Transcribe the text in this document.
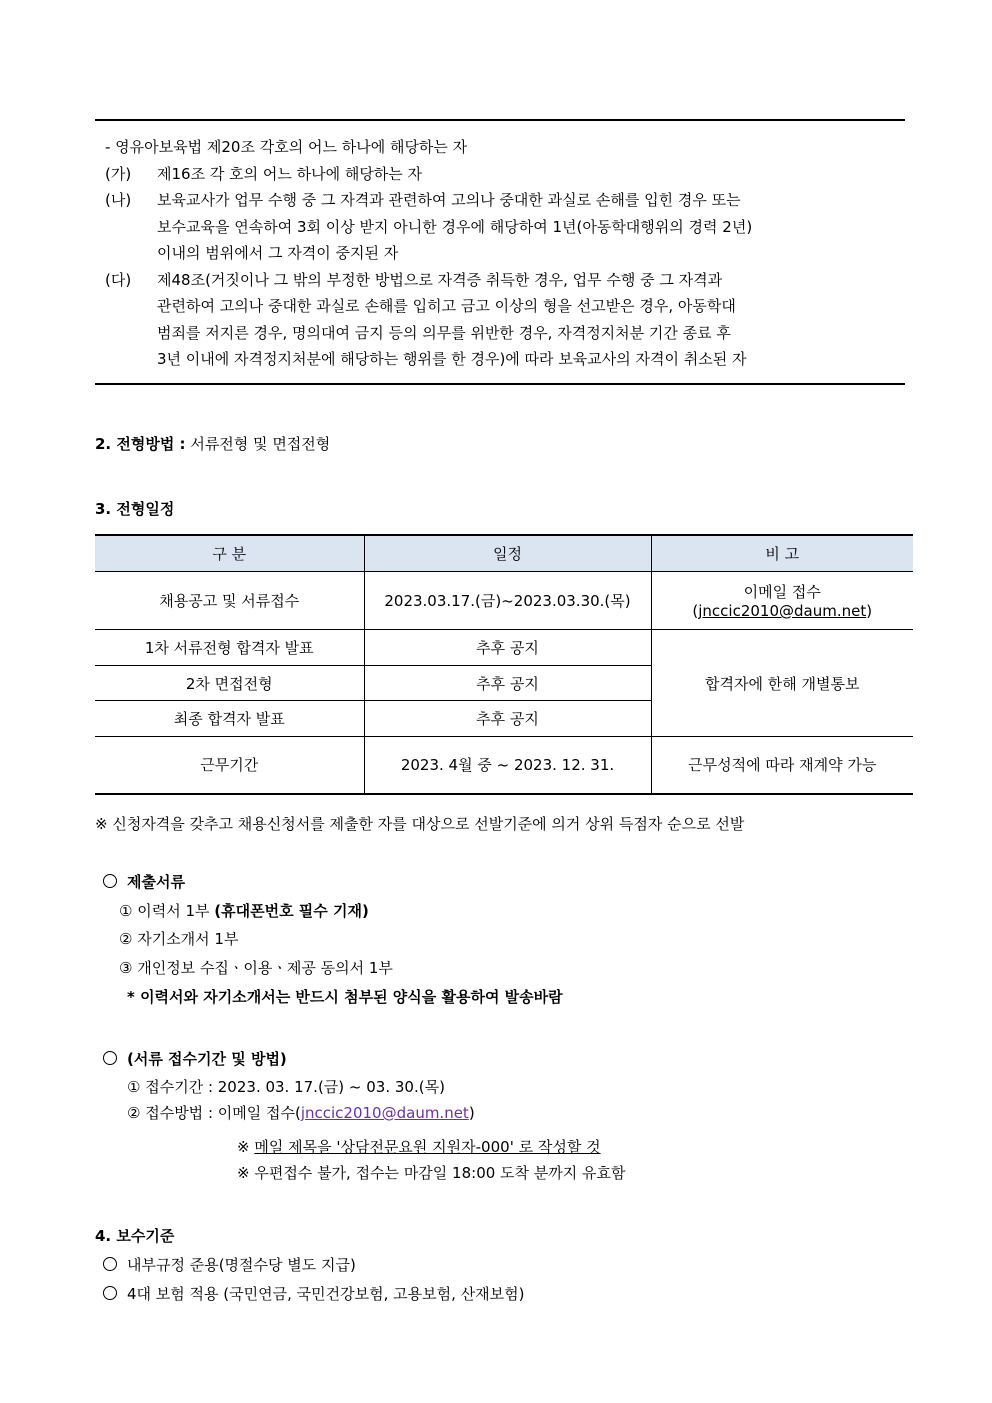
- 영유아보육법 제20조 각호의 어느 하나에 해당하는 자
(가)	제16조 각 호의 어느 하나에 해당하는 자
(나)	보육교사가 업무 수행 중 그 자격과 관련하여 고의나 중대한 과실로 손해를 입힌 경우 또는
보수교육을 연속하여 3회 이상 받지 아니한 경우에 해당하여 1년(아동학대행위의 경력 2년)
이내의 범위에서 그 자격이 중지된 자
(다)	제48조(거짓이나 그 밖의 부정한 방법으로 자격증 취득한 경우, 업무 수행 중 그 자격과
관련하여 고의나 중대한 과실로 손해를 입히고 금고 이상의 형을 선고받은 경우, 아동학대
범죄를 저지른 경우, 명의대여 금지 등의 의무를 위반한 경우, 자격정지처분 기간 종료 후
3년 이내에 자격정지처분에 해당하는 행위를 한 경우)에 따라 보육교사의 자격이 취소된 자
2. 전형방법 : 서류전형 및 면접전형
3. 전형일정
구 분	일정	비 고
채용공고 및 서류접수	2023.03.17.(금)~2023.03.30.(목)	이메일 접수
(jnccic2010@daum.net)

1차 서류전형 합격자 발표	추후 공지	합격자에 한해 개별통보
2차 면접전형	추후 공지	
최종 합격자 발표	추후 공지	
근무기간	2023. 4월 중 ~ 2023. 12. 31.	근무성적에 따라 재계약 가능
※ 신청자격을 갖추고 채용신청서를 제출한 자를 대상으로 선발기준에 의거 상위 득점자 순으로 선발
제출서류
① 이력서 1부 (휴대폰번호 필수 기재)
② 자기소개서 1부
③ 개인정보 수집ㆍ이용ㆍ제공 동의서 1부
* 이력서와 자기소개서는 반드시 첨부된 양식을 활용하여 발송바람
(서류 접수기간 및 방법)
① 접수기간 : 2023. 03. 17.(금) ~ 03. 30.(목)
② 접수방법 : 이메일 접수(jnccic2010@daum.net)
※ 메일 제목을 '상담전문요원 지원자-000' 로 작성할 것
※ 우편접수 불가, 접수는 마감일 18:00 도착 분까지 유효함
4. 보수기준
내부규정 준용(명절수당 별도 지급)
4대 보험 적용 (국민연금, 국민건강보험, 고용보험, 산재보험)
